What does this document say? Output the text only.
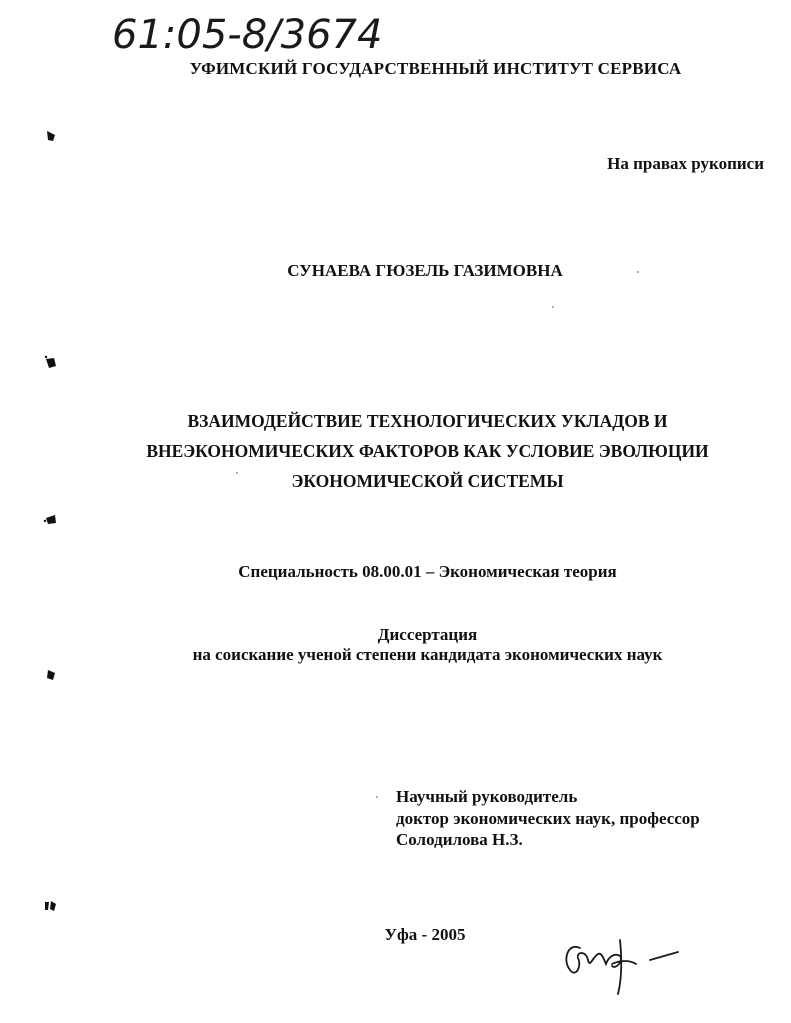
61:05-8/3674
УФИМСКИЙ ГОСУДАРСТВЕННЫЙ ИНСТИТУТ СЕРВИСА
На правах рукописи
СУНАЕВА ГЮЗЕЛЬ ГАЗИМОВНА
ВЗАИМОДЕЙСТВИЕ ТЕХНОЛОГИЧЕСКИХ УКЛАДОВ И
ВНЕЭКОНОМИЧЕСКИХ ФАКТОРОВ КАК УСЛОВИЕ ЭВОЛЮЦИИ
ЭКОНОМИЧЕСКОЙ СИСТЕМЫ
Специальность 08.00.01 – Экономическая теория
Диссертация
на соискание ученой степени кандидата экономических наук
Научный руководитель
доктор экономических наук, профессор
Солодилова Н.З.
Уфа - 2005
